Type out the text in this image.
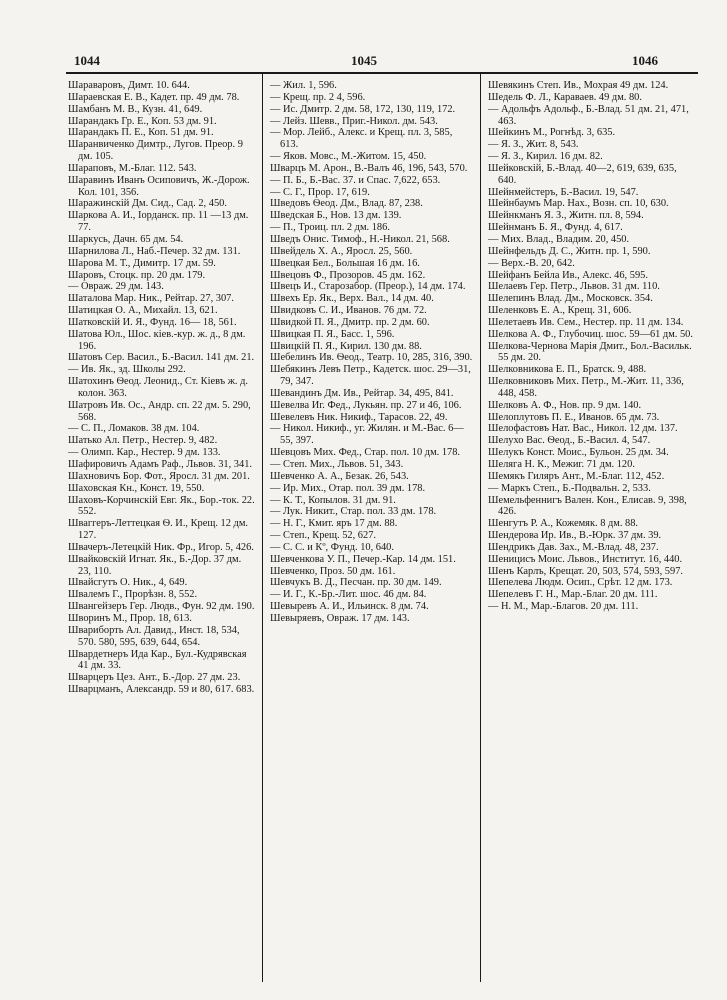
1044	1045	1046

Шараваровъ, Димт. 10. 644.

Шараевская Е. В., Кадет. пр. 49 дм. 78.

Шамбанъ М. В., Кузн. 41, 649.

Шарандакъ Гр. Е., Коп. 53 дм. 91.

Шарандакъ П. Е., Коп. 51 дм. 91.

Шаранвиченко Димтр., Лугов. Преор. 9 дм. 105.

Шараповъ, М.-Благ. 112. 543.

Шаравинъ Иванъ Осиповичъ, Ж.-Дорож. Кол. 101, 356.

Шаражинскій Дм. Сид., Сад. 2, 450.

Шаркова А. И., Іорданск. пр. 11 —13 дм. 77.

Шаркусь, Дачн. 65 дм. 54.

Шарнилова Л., Наб.-Печер. 32 дм. 131.

Шарова М. Т., Димитр. 17 дм. 59.

Шаровъ, Стоцк. пр. 20 дм. 179.

— Овраж. 29 дм. 143.

Шаталова Мар. Ник., Рейтар. 27, 307.

Шатицкая О. А., Михайл. 13, 621.

Шатковскій И. Я., Фунд. 16— 18, 561.

Шатова Юл., Шос. кіев.-кур. ж. д., 8 дм. 196.

Шатовъ Сер. Васил., Б.-Васил. 141 дм. 21.

— Ив. Як., зд. Школы 292.

Шатохинъ Ѳеод. Леонид., Ст. Кіевъ ж. д. колон. 363.

Шатровъ Ив. Ос., Андр. сп. 22 дм. 5. 290, 568.

— С. П., Ломаков. 38 дм. 104.

Шатько Ал. Петр., Нестер. 9, 482.

— Олимп. Кар., Нестер. 9 дм. 133.

Шафировичъ Адамъ Раф., Львов. 31, 341.

Шахновичъ Бор. Фот., Яросл. 31 дм. 201.

Шаховская Кн., Конст. 19, 550.

Шаховъ-Корчинскій Евг. Як., Бор.-ток. 22. 552.

Шваггеръ-Леттецкая Ѳ. И., Крещ. 12 дм. 127.

Швачеръ-Летецкій Ник. Фр., Игор. 5, 426.

Швайковскій Игнат. Як., Б.-Дор. 37 дм. 23, 110.

Швайсгутъ О. Ник., 4, 649.

Швалемъ Г., Прорѣзн. 8, 552.

Швангейзеръ Гер. Людв., Фун. 92 дм. 190.

Шворинъ М., Прор. 18, 613.

Швариборть Ал. Давид., Инст. 18, 534, 570. 580, 595, 639, 644, 654.

Швардетнеръ Ида Кар., Бул.-Кудрявская 41 дм. 33.

Шварцеръ Цез. Ант., Б.-Дор. 27 дм. 23.

Шварцманъ, Александр. 59 и 80, 617. 683.

— Жил. 1, 596.

— Крещ. пр. 2 4, 596.

— Ис. Дмитр. 2 дм. 58, 172, 130, 119, 172.

— Лейз. Шевв., Приг.-Никол. дм. 543.

— Мор. Лейб., Алекс. и Крещ. пл. 3, 585, 613.

— Яков. Мовс., М.-Житом. 15, 450.

Шварцъ М. Арон., В.-Валъ 46, 196, 543, 570.

— П. Б., Б.-Вас. 37. и Спас. 7,622, 653.

— С. Г., Прор. 17, 619.

Шведовъ Ѳеод. Дм., Влад. 87, 238.

Шведская Б., Нов. 13 дм. 139.

— П., Троиц. пл. 2 дм. 186.

Шведъ Онис. Тимоф., Н.-Никол. 21, 568.

Швейдель Х. А., Яросл. 25, 560.

Швецкая Бел., Большая 16 дм. 16.

Швецовъ Ф., Прозоров. 45 дм. 162.

Швецъ И., Старозабор. (Преор.), 14 дм. 174.

Швехъ Ер. Як., Верх. Вал., 14 дм. 40.

Швидковъ С. И., Иванов. 76 дм. 72.

Швидкой П. Я., Дмитр. пр. 2 дм. 60.

Швицкая П. Я., Басс. 1, 596.

Швицкій П. Я., Кирил. 130 дм. 88.

Шебелинъ Ив. Ѳеод., Театр. 10, 285, 316, 390.

Шебякинъ Левъ Петр., Кадетск. шос. 29—31, 79, 347.

Шевандинъ Дм. Ив., Рейтар. 34, 495, 841.

Шевелва Иг. Фед., Лукьян. пр. 27 и 46, 106.

Шевелевъ Ник. Никиф., Тарасов. 22, 49.

— Никол. Никиф., уг. Жилян. и М.-Вас. 6—55, 397.

Шевцовъ Мих. Фед., Стар. пол. 10 дм. 178.

— Степ. Мих., Львов. 51, 343.

Шевченко А. А., Безак. 26, 543.

— Ир. Мих., Отар. пол. 39 дм. 178.

— К. Т., Копылов. 31 дм. 91.

— Лук. Никит., Стар. пол. 33 дм. 178.

— Н. Г., Кмит. яръ 17 дм. 88.

— Степ., Крещ. 52, 627.

— С. С. и Кº, Фунд. 10, 640.

Шевченкова У. П., Печер.-Кар. 14 дм. 151.

Шевченко, Проз. 50 дм. 161.

Шевчукъ В. Д., Песчан. пр. 30 дм. 149.

— И. Г., К.-Бр.-Лит. шос. 46 дм. 84.

Шевыревъ А. И., Ильинск. 8 дм. 74.

Шевыряевъ, Овраж. 17 дм. 143.

Шевякинъ Степ. Ив., Мохрая 49 дм. 124.

Шедель Ф. Л., Караваев. 49 дм. 80.

— Адольфъ Адольф., Б.-Влад. 51 дм. 21, 471, 463.

Шейкинъ М., Рогнѣд. 3, 635.

— Я. З., Жит. 8, 543.

— Я. З., Кирил. 16 дм. 82.

Шейковскій, Б.-Влад. 40—2, 619, 639, 635, 640.

Шейнмейстеръ, Б.-Васил. 19, 547.

Шейнбаумъ Мар. Нах., Возн. сп. 10, 630.

Шейнкманъ Я. З., Житн. пл. 8, 594.

Шейнманъ Б. Я., Фунд. 4, 617.

— Мих. Влад., Владим. 20, 450.

Шейнфельдъ Д. С., Житн. пр. 1, 590.

— Верх.-В. 20, 642.

Шейфанъ Бейла Ив., Алекс. 46, 595.

Шелаевъ Гер. Петр., Львов. 31 дм. 110.

Шелепинъ Влад. Дм., Московск. 354.

Шеленковъ Е. А., Крещ. 31, 606.

Шелетаевъ Ив. Сем., Нестер. пр. 11 дм. 134.

Шелкова А. Ф., Глубочиц. шос. 59—61 дм. 50.

Шелкова-Чернова Марія Дмит., Бол.-Васильк. 55 дм. 20.

Шелковникова Е. П., Братск. 9, 488.

Шелковниковъ Мих. Петр., М.-Жит. 11, 336, 448, 458.

Шелковъ А. Ф., Нов. пр. 9 дм. 140.

Шелоплутовъ П. Е., Иванов. 65 дм. 73.

Шелофастовъ Нат. Вас., Никол. 12 дм. 137.

Шелухо Вас. Ѳеод., Б.-Васил. 4, 547.

Шелукъ Конст. Моис., Бульон. 25 дм. 34.

Шеляга Н. К., Межиг. 71 дм. 120.

Шемякъ Гиляръ Ант., М.-Благ. 112, 452.

— Маркъ Степ., Б.-Подвальн. 2, 533.

Шемельфеннигъ Вален. Кон., Елисав. 9, 398, 426.

Шенгутъ Р. А., Кожемяк. 8 дм. 88.

Шендерова Ир. Ив., В.-Юрк. 37 дм. 39.

Шендрикъ Дав. Зах., М.-Влад. 48, 237.

Шеницисъ Моис. Львов., Институт. 16, 440.

Шенъ Карлъ, Крещат. 20, 503, 574, 593, 597.

Шепелева Людм. Осип., Срѣт. 12 дм. 173.

Шепелевъ Г. Н., Мар.-Благ. 20 дм. 111.

— Н. М., Мар.-Благов. 20 дм. 111.
